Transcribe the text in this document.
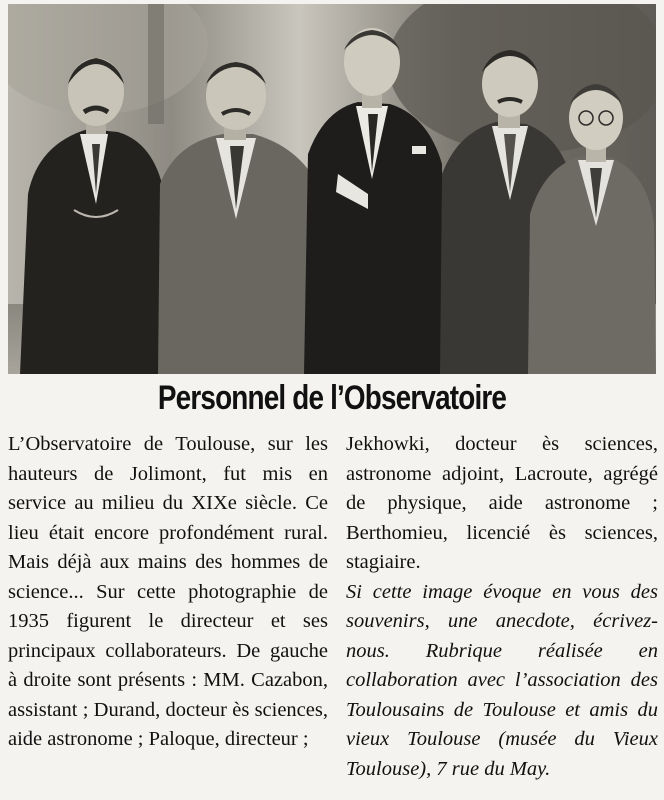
Personnel de l’Observatoire

L’Observatoire de Toulouse, sur les hauteurs de Jolimont, fut mis en service au milieu du XIXe siècle. Ce lieu était encore profondément rural. Mais déjà aux mains des hommes de science... Sur cette photographie de 1935 figurent le directeur et ses principaux collaborateurs. De gauche à droite sont présents : MM. Cazabon, assistant ; Durand, docteur ès sciences, aide astronome ; Paloque, directeur ;

Jekhowki, docteur ès sciences, astronome adjoint, Lacroute, agrégé de physique, aide astronome ; Berthomieu, licencié ès sciences, stagiaire.

Si cette image évoque en vous des souvenirs, une anecdote, écrivez-nous. Rubrique réalisée en collaboration avec l’association des Toulousains de Toulouse et amis du vieux Toulouse (musée du Vieux Toulouse), 7 rue du May.
